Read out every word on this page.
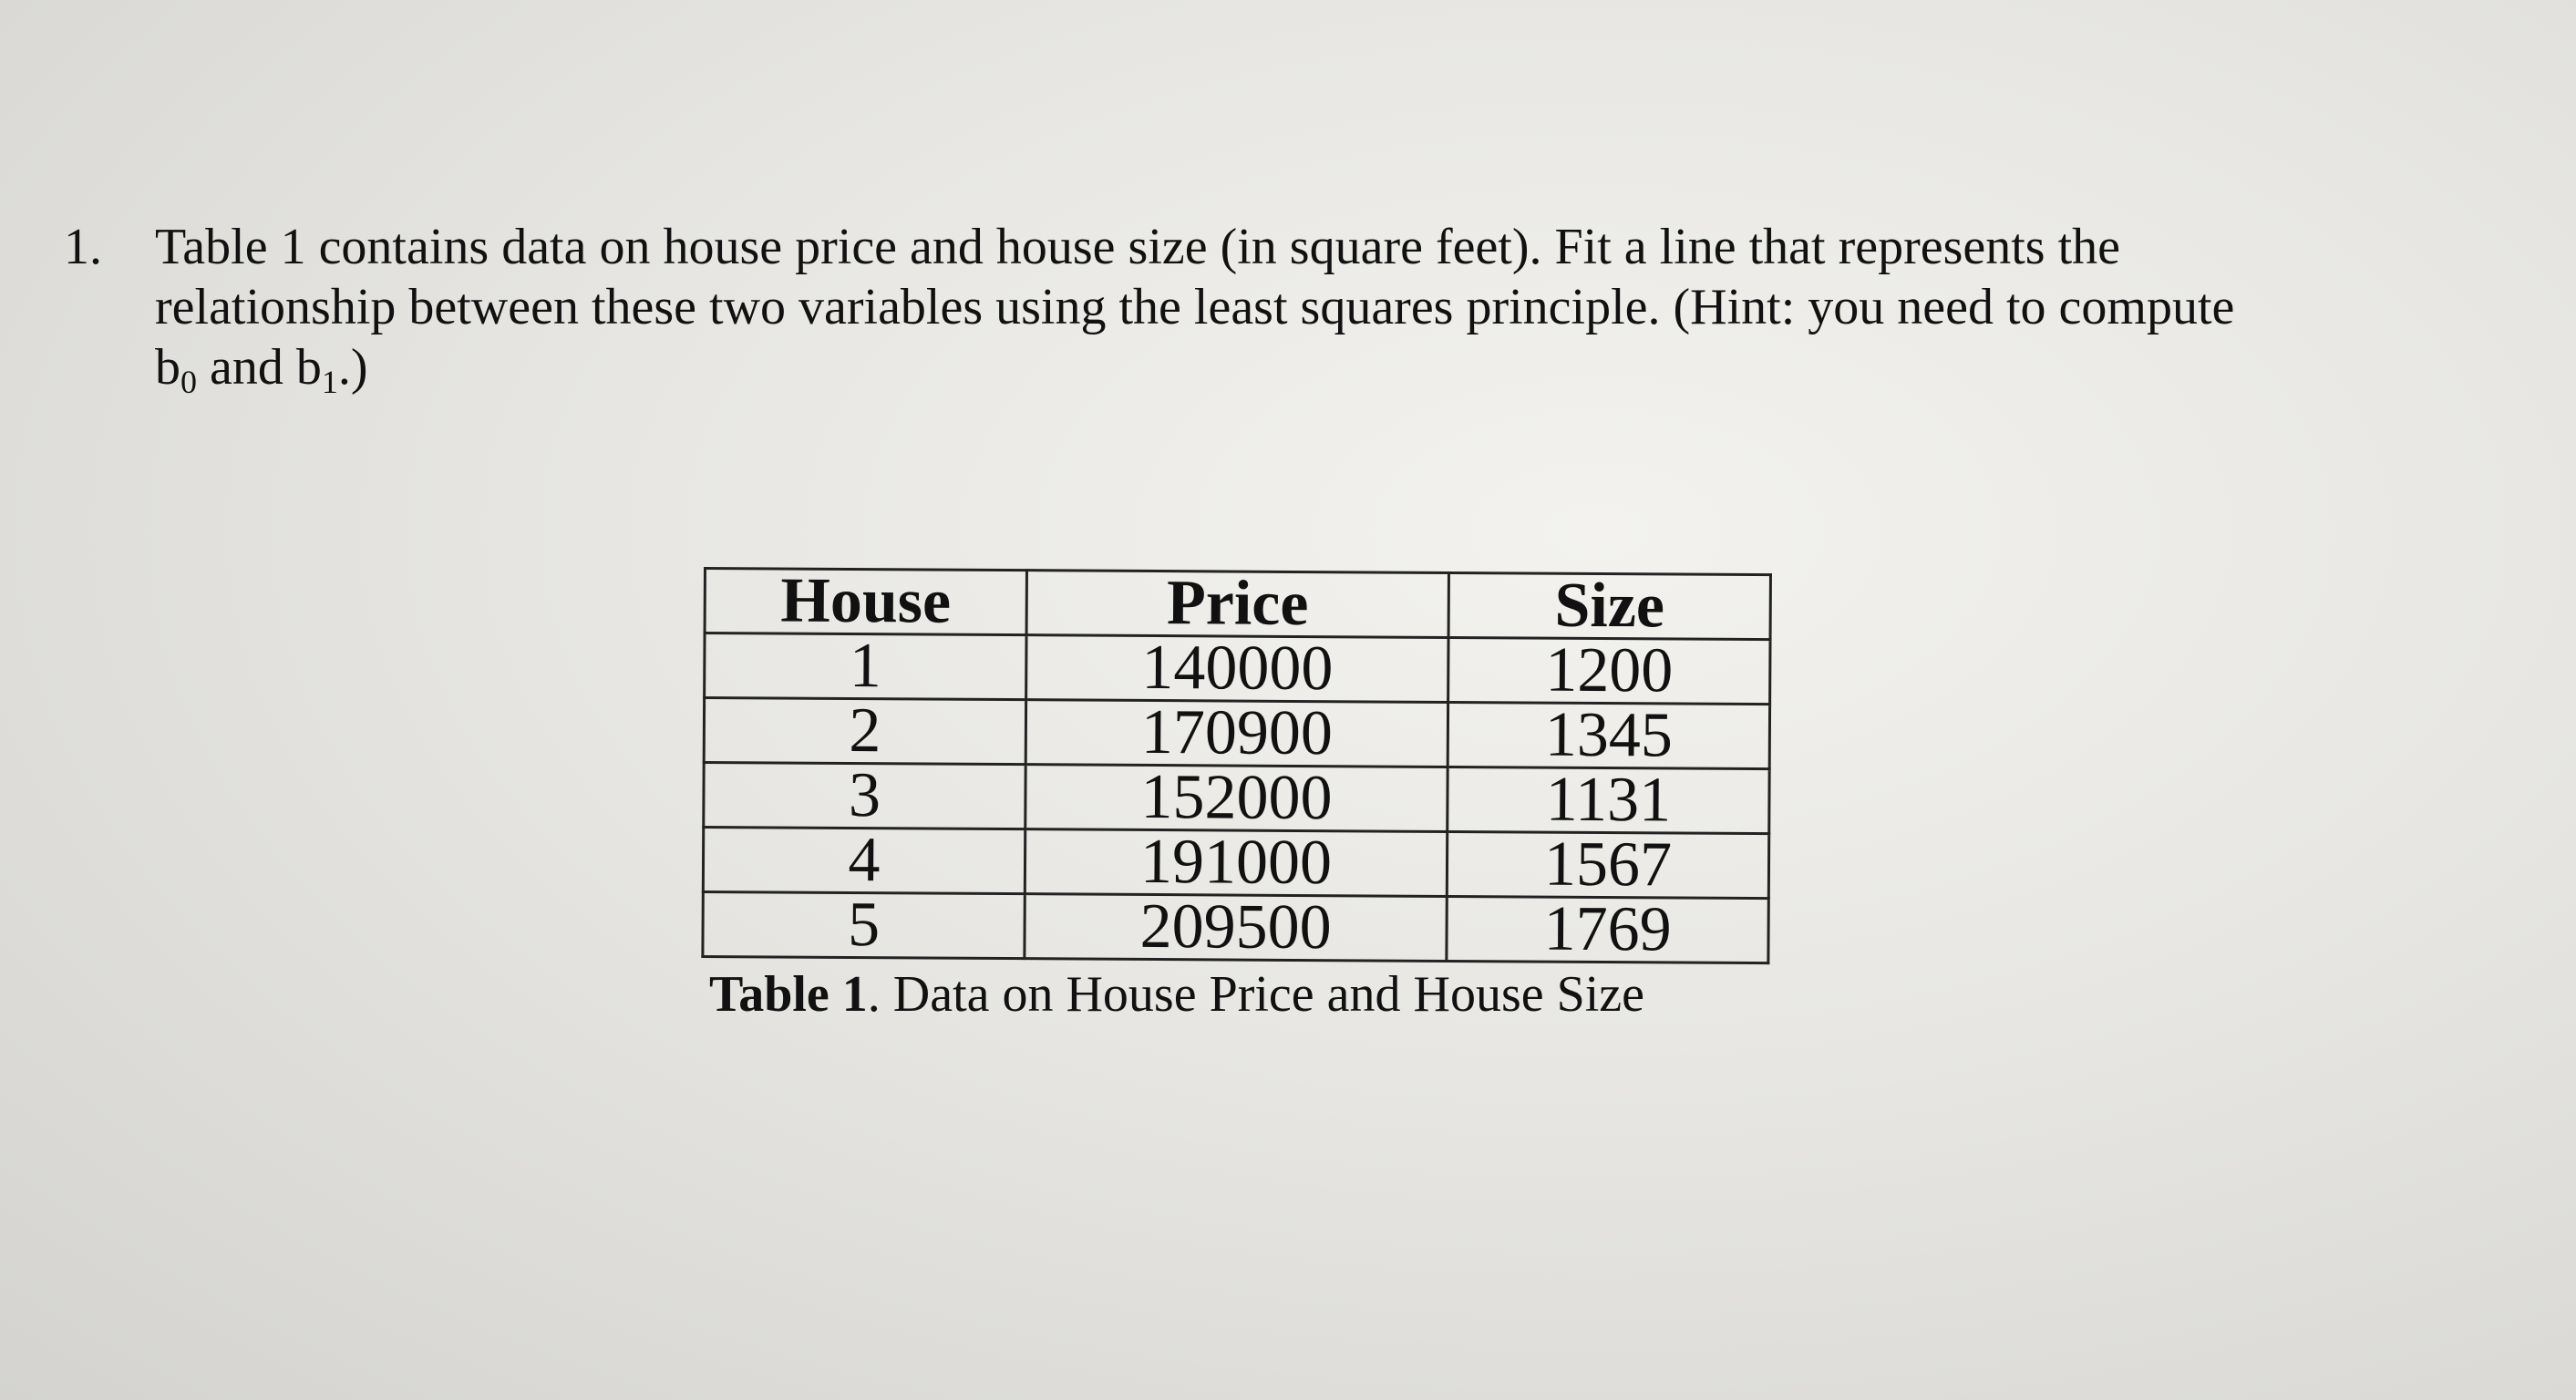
1. Table 1 contains data on house price and house size (in square feet). Fit a line that represents the
relationship between these two variables using the least squares principle. (Hint: you need to compute
$b_0$ and $b_1$.)
House	Price	Size
1	140000	1200
2	170900	1345
3	152000	1131
4	191000	1567
5	209500	1769
Table 1. Data on House Price and House Size
